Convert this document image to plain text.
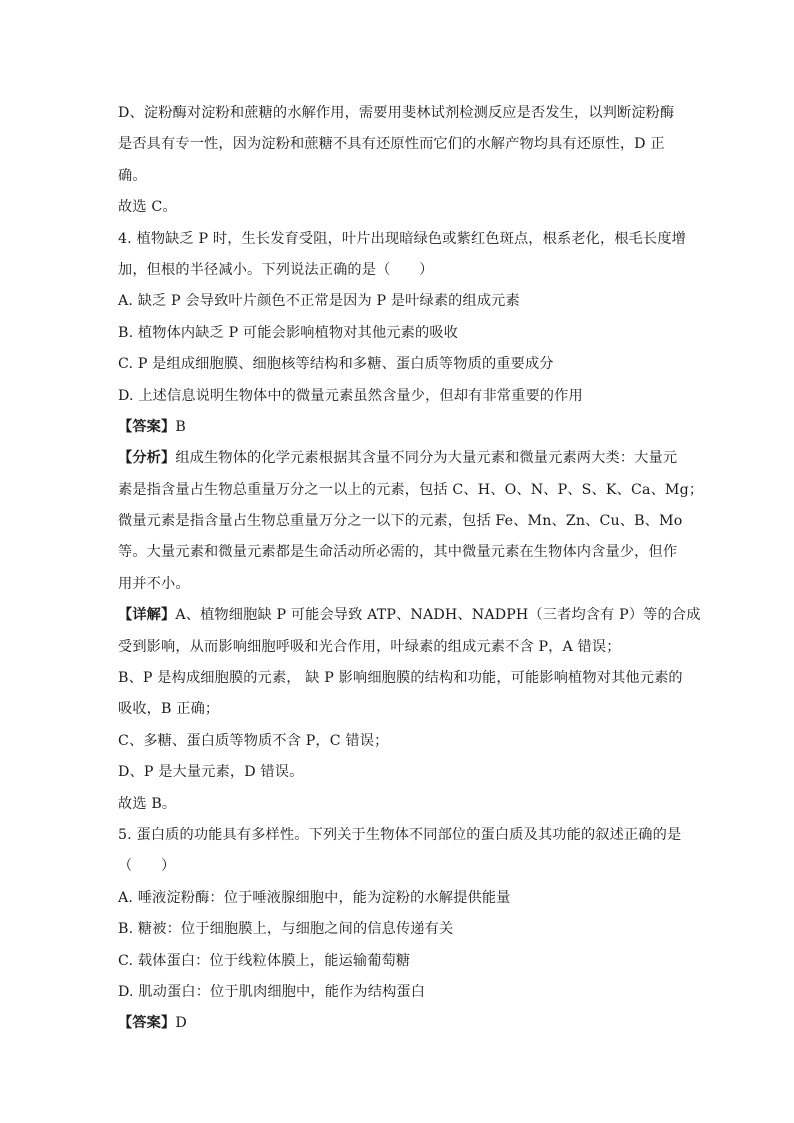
D、淀粉酶对淀粉和蔗糖的水解作用，需要用斐林试剂检测反应是否发生，以判断淀粉酶
是否具有专一性，因为淀粉和蔗糖不具有还原性而它们的水解产物均具有还原性，D 正
确。
故选 C。
4. 植物缺乏 P 时，生长发育受阻，叶片出现暗绿色或紫红色斑点，根系老化，根毛长度增
加，但根的半径减小。下列说法正确的是（　　）
A. 缺乏 P 会导致叶片颜色不正常是因为 P 是叶绿素的组成元素
B. 植物体内缺乏 P 可能会影响植物对其他元素的吸收
C. P 是组成细胞膜、细胞核等结构和多糖、蛋白质等物质的重要成分
D. 上述信息说明生物体中的微量元素虽然含量少，但却有非常重要的作用
【答案】B
【分析】组成生物体的化学元素根据其含量不同分为大量元素和微量元素两大类：大量元
素是指含量占生物总重量万分之一以上的元素，包括 C、H、O、N、P、S、K、Ca、Mg；
微量元素是指含量占生物总重量万分之一以下的元素，包括 Fe、Mn、Zn、Cu、B、Mo
等。大量元素和微量元素都是生命活动所必需的，其中微量元素在生物体内含量少，但作
用并不小。
【详解】A、植物细胞缺 P 可能会导致 ATP、NADH、NADPH（三者均含有 P）等的合成
受到影响，从而影响细胞呼吸和光合作用，叶绿素的组成元素不含 P，A 错误；
B、P 是构成细胞膜的元素， 缺 P 影响细胞膜的结构和功能，可能影响植物对其他元素的
吸收，B 正确；
C、多糖、蛋白质等物质不含 P，C 错误；
D、P 是大量元素，D 错误。
故选 B。
5. 蛋白质的功能具有多样性。下列关于生物体不同部位的蛋白质及其功能的叙述正确的是
（　　）
A. 唾液淀粉酶：位于唾液腺细胞中，能为淀粉的水解提供能量
B. 糖被：位于细胞膜上，与细胞之间的信息传递有关
C. 载体蛋白：位于线粒体膜上，能运输葡萄糖
D. 肌动蛋白：位于肌肉细胞中，能作为结构蛋白
【答案】D
